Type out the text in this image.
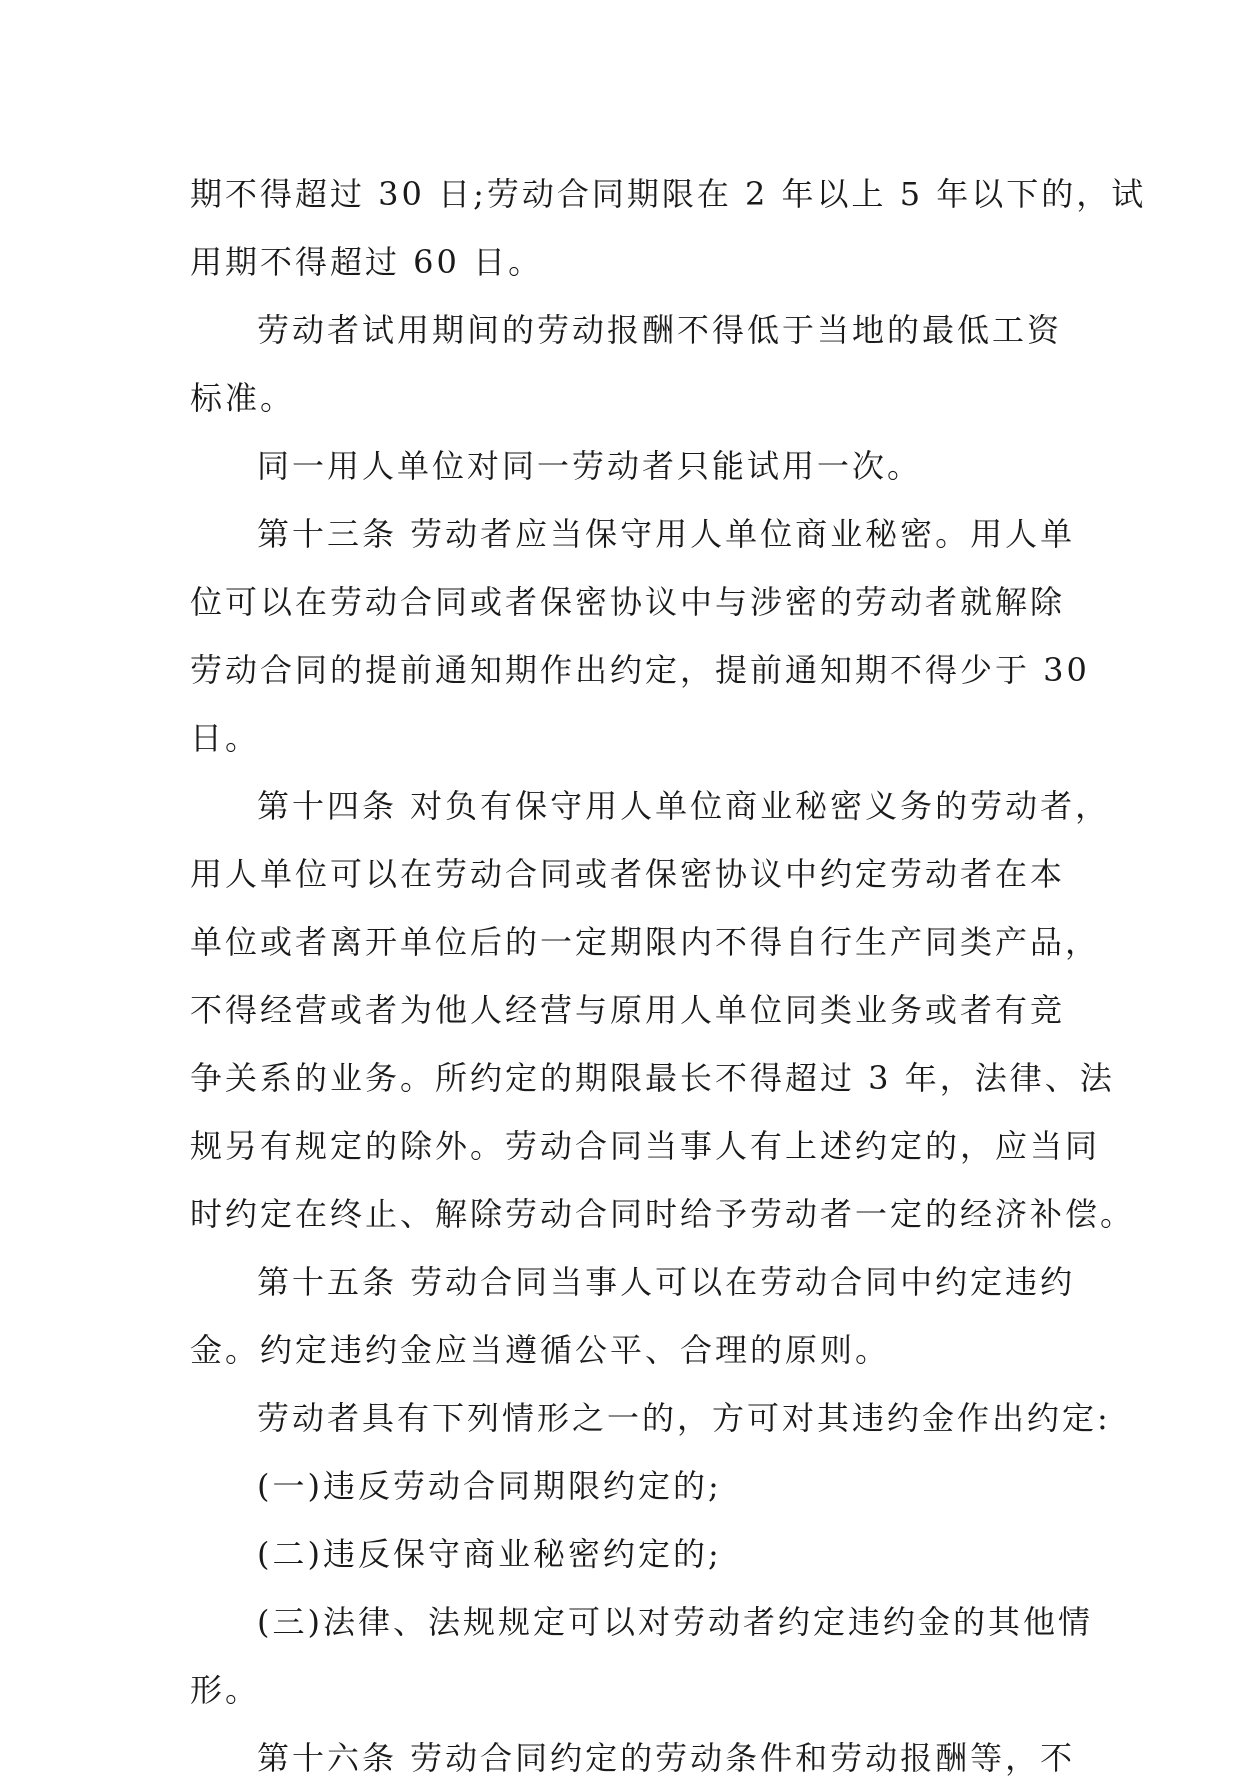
期不得超过 30 日;劳动合同期限在 2 年以上 5 年以下的，试
用期不得超过 60 日。
劳动者试用期间的劳动报酬不得低于当地的最低工资
标准。
同一用人单位对同一劳动者只能试用一次。
第十三条 劳动者应当保守用人单位商业秘密。用人单
位可以在劳动合同或者保密协议中与涉密的劳动者就解除
劳动合同的提前通知期作出约定，提前通知期不得少于 30
日。
第十四条 对负有保守用人单位商业秘密义务的劳动者，
用人单位可以在劳动合同或者保密协议中约定劳动者在本
单位或者离开单位后的一定期限内不得自行生产同类产品，
不得经营或者为他人经营与原用人单位同类业务或者有竞
争关系的业务。所约定的期限最长不得超过 3 年，法律、法
规另有规定的除外。劳动合同当事人有上述约定的，应当同
时约定在终止、解除劳动合同时给予劳动者一定的经济补偿。
第十五条 劳动合同当事人可以在劳动合同中约定违约
金。约定违约金应当遵循公平、合理的原则。
劳动者具有下列情形之一的，方可对其违约金作出约定:
(一)违反劳动合同期限约定的;
(二)违反保守商业秘密约定的;
(三)法律、法规规定可以对劳动者约定违约金的其他情
形。
第十六条 劳动合同约定的劳动条件和劳动报酬等，不
